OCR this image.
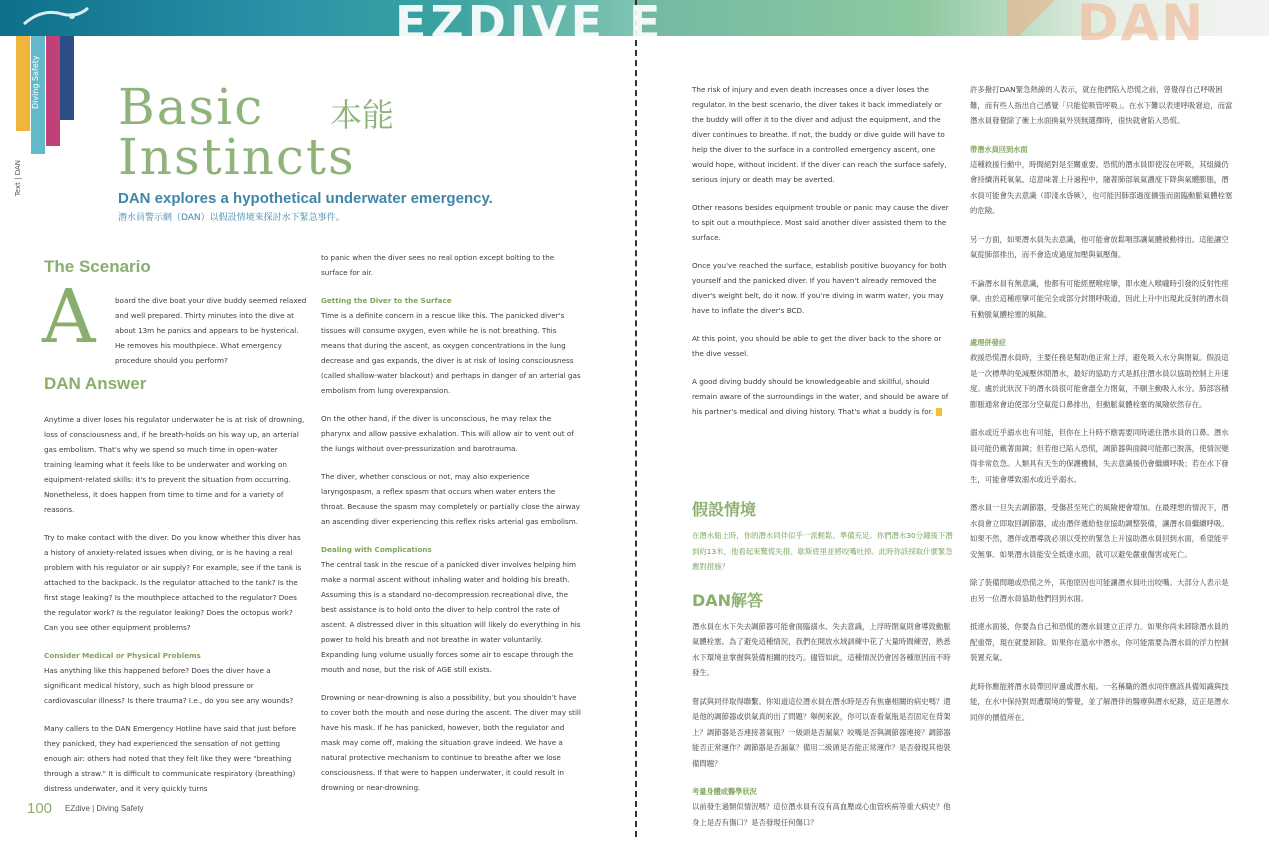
EZDIVE
Diving Safety
Text | DAN
Basic
Instincts
本能
DAN explores a hypothetical underwater emergency.
潛水員警示網（DAN）以假設情境來探討水下緊急事件。
The Scenario
A	board the dive boat your dive buddy seemed relaxed and well prepared. Thirty minutes into the dive at about 13m he panics and appears to be hysterical. He removes his mouthpiece. What emergency procedure should you perform?
DAN Answer

Anytime a diver loses his regulator underwater he is at risk of drowning, loss of consciousness and, if he breath-holds on his way up, an arterial gas embolism. That's why we spend so much time in open-water training learning what it feels like to be underwater and working on equipment-related skills: it's to prevent the situation from occurring. Nonetheless, it does happen from time to time and for a variety of reasons.

Try to make contact with the diver. Do you know whether this diver has a history of anxiety-related issues when diving, or is he having a real problem with his regulator or air supply? For example, see if the tank is attached to the backpack. Is the regulator attached to the tank? Is the first stage leaking? Is the mouthpiece attached to the regulator? Does the regulator work? Is the regulator leaking? Does the octopus work? Can you see other equipment problems?

Consider Medical or Physical Problems

Has anything like this happened before? Does the diver have a significant medical history, such as high blood pressure or cardiovascular illness? Is there trauma? I.e., do you see any wounds?

Many callers to the DAN Emergency Hotline have said that just before they panicked, they had experienced the sensation of not getting enough air: others had noted that they felt like they were "breathing through a straw." It is difficult to communicate respiratory (breathing) distress underwater, and it very quickly turns

to panic when the diver sees no real option except bolting to the surface for air.

Getting the Diver to the Surface

Time is a definite concern in a rescue like this. The panicked diver's tissues will consume oxygen, even while he is not breathing. This means that during the ascent, as oxygen concentrations in the lung decrease and gas expands, the diver is at risk of losing consciousness (called shallow-water blackout) and perhaps in danger of an arterial gas embolism from lung overexpansion.

On the other hand, if the diver is unconscious, he may relax the pharynx and allow passive exhalation. This will allow air to vent out of the lungs without over-pressurization and barotrauma.

The diver, whether conscious or not, may also experience laryngospasm, a reflex spasm that occurs when water enters the throat. Because the spasm may completely or partially close the airway an ascending diver experiencing this reflex risks arterial gas embolism.

Dealing with Complications

The central task in the rescue of a panicked diver involves helping him make a normal ascent without inhaling water and holding his breath. Assuming this is a standard no-decompression recreational dive, the best assistance is to hold onto the diver to help control the rate of ascent. A distressed diver in this situation will likely do everything in his power to hold his breath and not breathe in water voluntarily. Expanding lung volume usually forces some air to escape through the mouth and nose, but the risk of AGE still exists.

Drowning or near-drowning is also a possibility, but you shouldn’t have to cover both the mouth and nose during the ascent. The diver may still have his mask. If he has panicked, however, both the regulator and mask may come off, making the situation grave indeed. We have a natural protective mechanism to continue to breathe after we lose consciousness. If that were to happen underwater, it could result in drowning or near-drowning.

100 EZdive | Diving Safety
E	DAN

The risk of injury and even death increases once a diver loses the regulator. In the best scenario, the diver takes it back immediately or the buddy will offer it to the diver and adjust the equipment, and the diver continues to breathe. If not, the buddy or dive guide will have to help the diver to the surface in a controlled emergency ascent, one would hope, without incident. If the diver can reach the surface safely, serious injury or death may be averted.

Other reasons besides equipment trouble or panic may cause the diver to spit out a mouthpiece. Most said another diver assisted them to the surface.

Once you've reached the surface, establish positive buoyancy for both yourself and the panicked diver. If you haven't already removed the diver's weight belt, do it now. If you’re diving in warm water, you may have to inflate the diver's BCD.

At this point, you should be able to get the diver back to the shore or the dive vessel.

A good diving buddy should be knowledgeable and skillful, should remain aware of the surroundings in the water, and should be aware of his partner's medical and diving history. That's what a buddy is for.

假設情境

在潛水船上時，你的潛水同伴似乎一派輕鬆、準備充足。你們潛水30分鐘後下潛到約13米，他看起來驚慌失措、歇斯底里並將咬嘴吐掉。此時你該採取什麼緊急應對措施？

DAN解答

潛水員在水下失去調節器可能會面臨溺水、失去意識，上浮時閉氣則會導致動脈氣體栓塞。為了避免這種情況，我們在開放水域訓練中花了大量時間練習，熟悉水下環境並掌握與裝備相關的技巧。儘管如此，這種情況仍會因各種原因而不時發生。

嘗試與同伴取得聯繫。你知道這位潛水員在潛水時是否有焦慮相關的病史嗎？還是他的調節器或供氣真的出了問題？舉例來說，你可以查看氣瓶是否固定在背架上？調節器是否連接著氣瓶？一級頭是否漏氣？咬嘴是否與調節器連接？調節器能否正常運作？調節器是否漏氣？備用二級頭是否能正常運作？是否發現其他裝備問題？

考量身體或醫學狀況

以前發生過類似情況嗎？這位潛水員有沒有高血壓或心血管疾病等重大病史？他身上是否有傷口？是否發現任何傷口？

許多撥打DAN緊急熱線的人表示，就在他們陷入恐慌之前，曾覺得自己呼吸困難，而有些人指出自己感覺「只能從吸管呼吸」。在水下難以表達呼吸窘迫，而當潛水員發覺除了衝上水面換氣外別無選擇時，很快就會陷入恐慌。

帶潛水員回到水面

這種救援行動中，時間絕對是至關重要。恐慌的潛水員即使沒在呼吸，其組織仍會持續消耗氧氣。這意味著上升過程中，隨著肺部氧氣濃度下降與氣體膨脹，潛水員可能會失去意識（即淺水昏厥），也可能因肺部過度擴張而面臨動脈氣體栓塞的危險。

另一方面，如果潛水員失去意識，他可能會放鬆咽部讓氣體被動排出。這能讓空氣從肺部排出，而不會造成過度加壓與氣壓傷。

不論潛水員有無意識，他都有可能經歷喉痙攣，即水進入喉嚨時引發的反射性痙攣。由於這種痙攣可能完全或部分封閉呼吸道，因此上升中出現此反射的潛水員有動脈氣體栓塞的風險。

處理併發症

救援恐慌潛水員時，主要任務是幫助他正常上浮，避免吸入水分與閉氣。假設這是一次標準的免減壓休閒潛水，最好的協助方式是抓住潛水員以協助控制上升速度。處於此狀況下的潛水員很可能會盡全力閉氣，不願主動吸入水分。肺部容積膨脹通常會迫使部分空氣從口鼻排出，但動脈氣體栓塞的風險依然存在。

溺水或近乎溺水也有可能，但你在上升時不應需要同時遮住潛水員的口鼻。潛水員可能仍戴著面鏡；但若他已陷入恐慌，調節器與面鏡可能都已脫落，使情況變得非常危急。人類具有天生的保護機制，失去意識後仍會繼續呼吸；若在水下發生，可能會導致溺水或近乎溺水。

潛水員一旦失去調節器，受傷甚至死亡的風險便會增加。在最理想的情況下，潛水員會立即取回調節器，或由潛伴遞給他並協助調整裝備，讓潛水員繼續呼吸。如果不然，潛伴或潛導就必須以受控的緊急上升協助潛水員回到水面，希望能平安無事。如果潛水員能安全抵達水面，就可以避免嚴重傷害或死亡。

除了裝備問題或恐慌之外，其他原因也可能讓潛水員吐出咬嘴。大部分人表示是由另一位潛水員協助他們回到水面。

抵達水面後，你要為自己和恐慌的潛水員建立正浮力。如果你尚未卸除潛水員的配重帶，現在就要卸除。如果你在溫水中潛水，你可能需要為潛水員的浮力控制裝置充氣。

此時你應能將潛水員帶回岸邊或潛水船。一名稱職的潛水同伴應該具備知識與技能，在水中保持對周遭環境的警覺，並了解潛伴的醫療與潛水紀錄，這正是潛水同伴的價值所在。
